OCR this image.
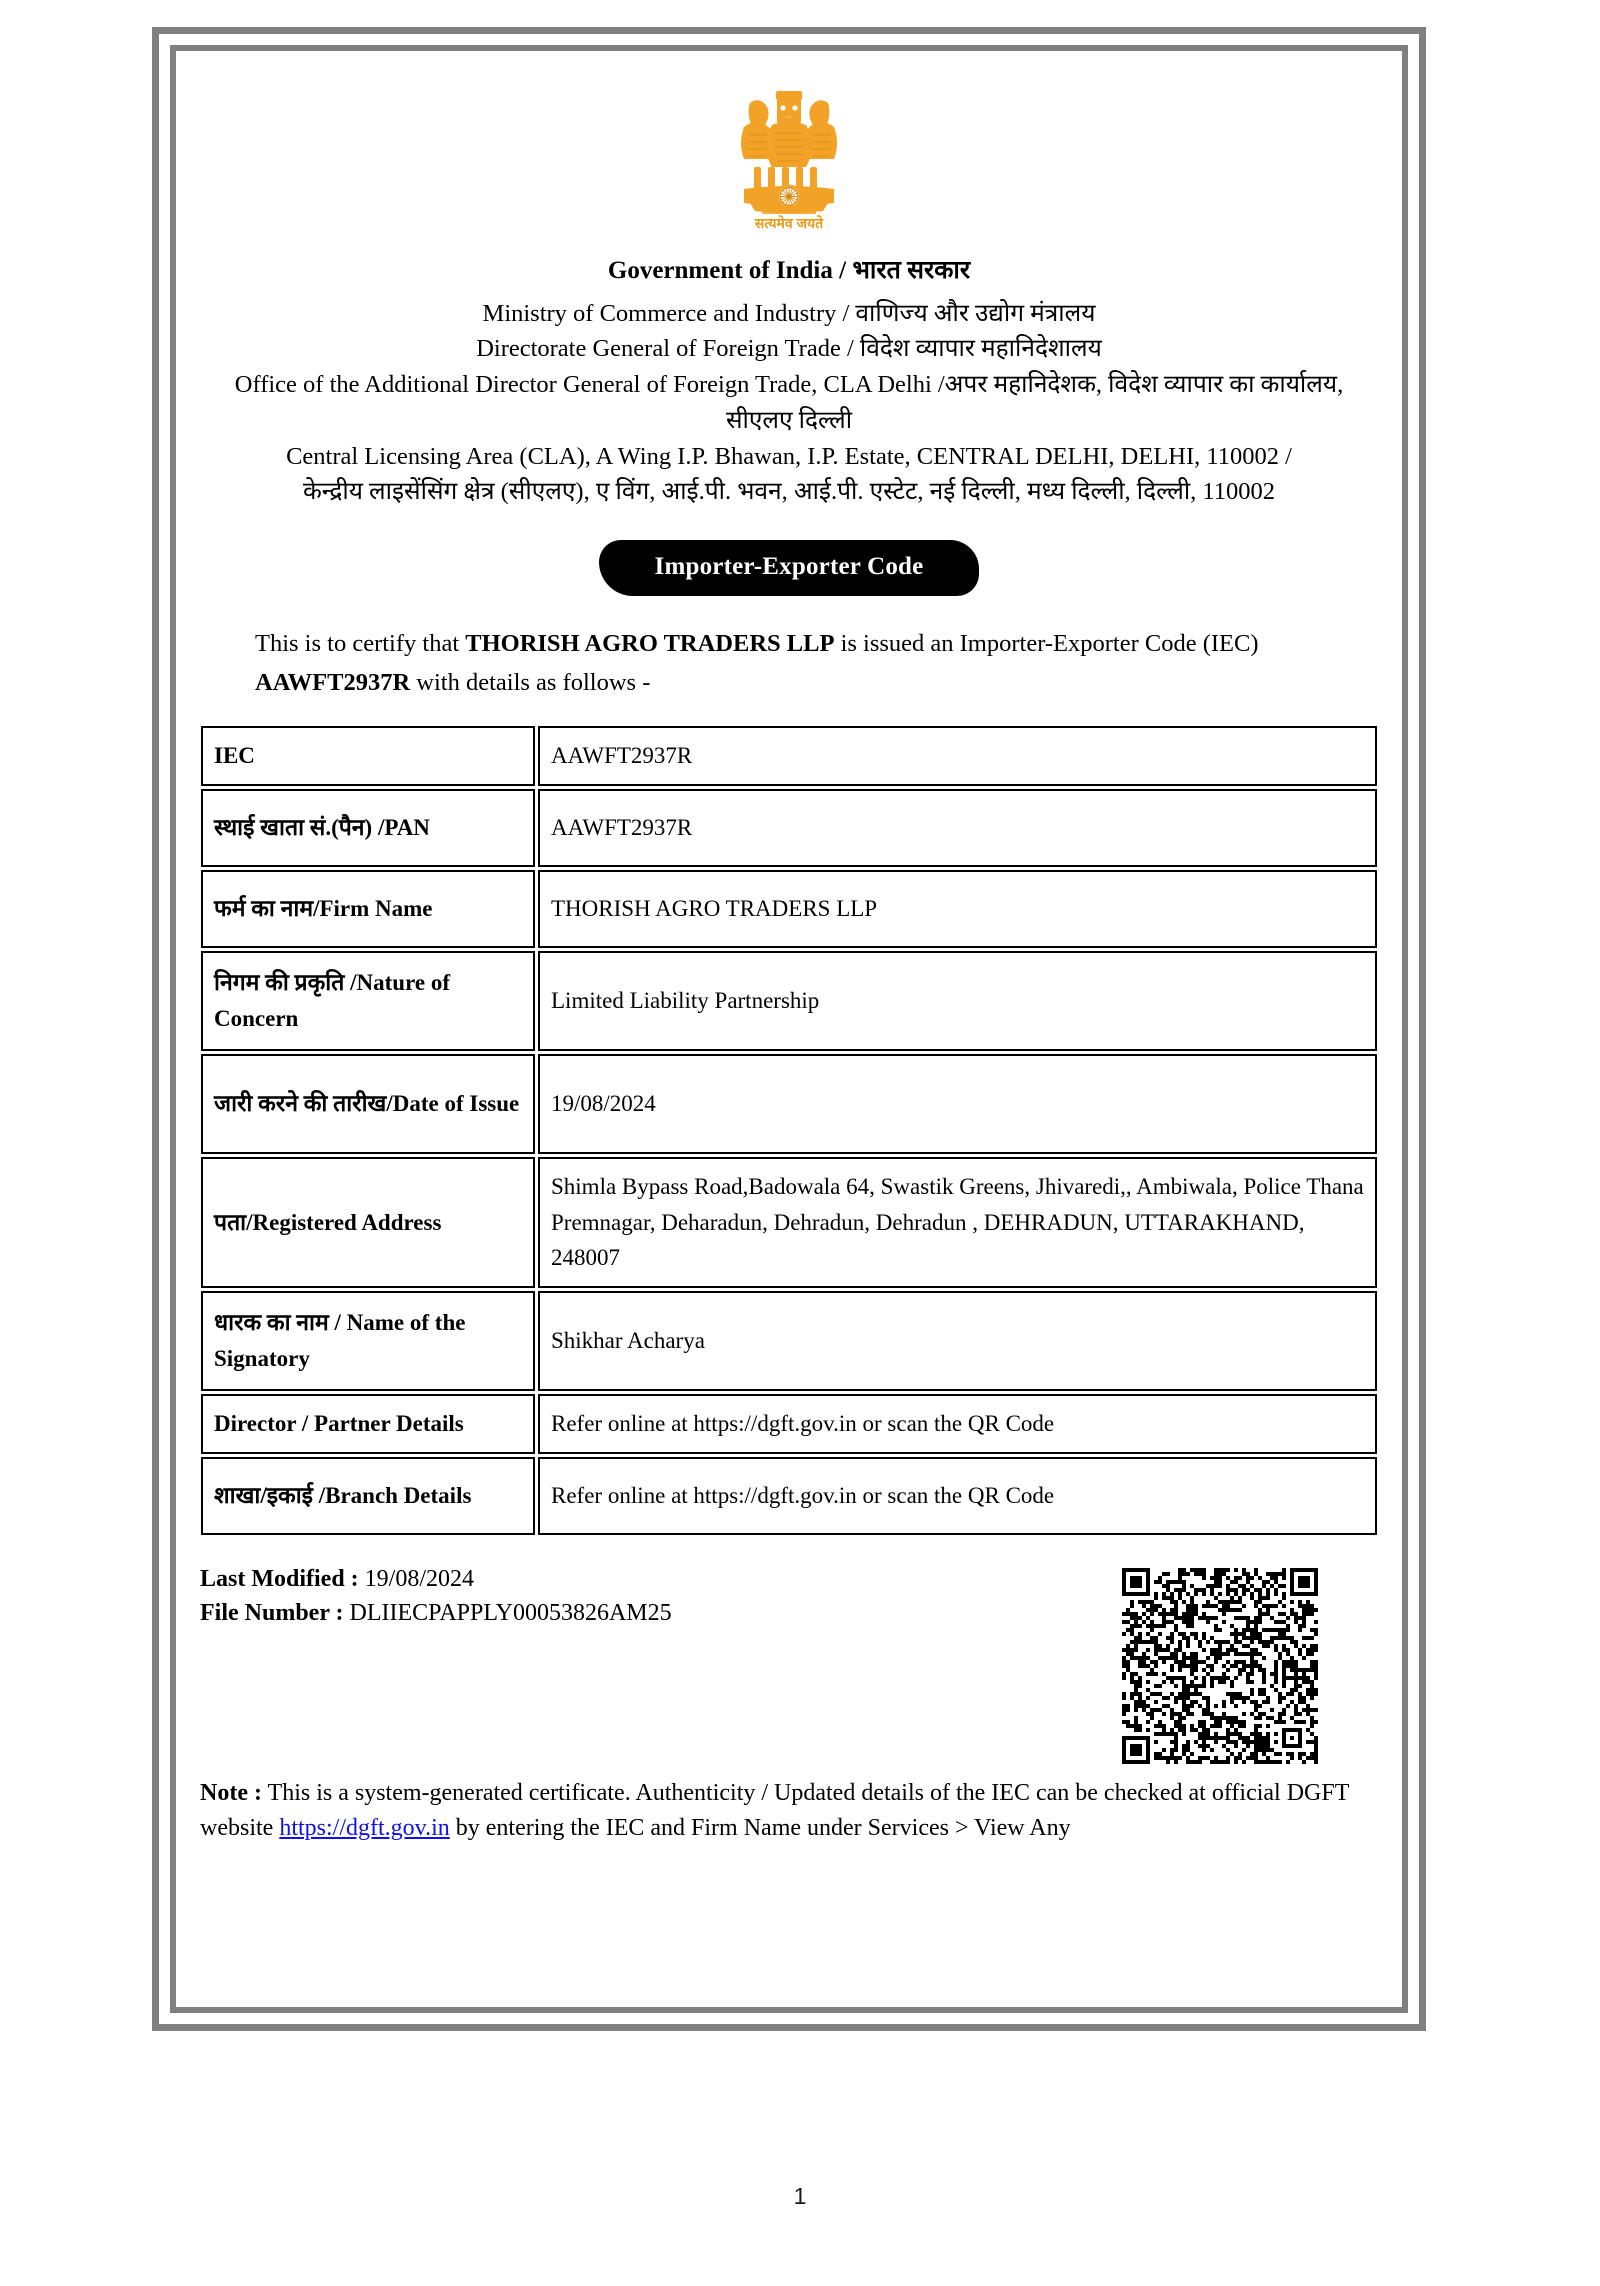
सत्यमेव जयते

Government of India / भारत सरकार

Ministry of Commerce and Industry / वाणिज्य और उद्योग मंत्रालय

Directorate General of Foreign Trade / विदेश व्यापार महानिदेशालय

Office of the Additional Director General of Foreign Trade, CLA Delhi /अपर महानिदेशक, विदेश व्यापार का कार्यालय, सीएलए दिल्ली

Central Licensing Area (CLA), A Wing I.P. Bhawan, I.P. Estate, CENTRAL DELHI, DELHI, 110002 /

केन्द्रीय लाइसेंसिंग क्षेत्र (सीएलए), ए विंग, आई.पी. भवन, आई.पी. एस्टेट, नई दिल्ली, मध्य दिल्ली, दिल्ली, 110002

Importer-Exporter Code

This is to certify that THORISH AGRO TRADERS LLP is issued an Importer-Exporter Code (IEC) AAWFT2937R with details as follows -

IEC	AAWFT2937R
स्थाई खाता सं.(पैन) /PAN	AAWFT2937R
फर्म का नाम/Firm Name	THORISH AGRO TRADERS LLP
निगम की प्रकृति /Nature of Concern	Limited Liability Partnership
जारी करने की तारीख/Date of Issue	19/08/2024
पता/Registered Address	Shimla Bypass Road,Badowala 64, Swastik Greens, Jhivaredi,, Ambiwala, Police Thana Premnagar, Deharadun, Dehradun, Dehradun , DEHRADUN, UTTARAKHAND, 248007
धारक का नाम / Name of the Signatory	Shikhar Acharya
Director / Partner Details	Refer online at https://dgft.gov.in or scan the QR Code
शाखा/इकाई /Branch Details	Refer online at https://dgft.gov.in or scan the QR Code
Last Modified : 19/08/2024
File Number : DLIIECPAPPLY00053826AM25

Note : This is a system-generated certificate. Authenticity / Updated details of the IEC can be checked at official DGFT website https://dgft.gov.in by entering the IEC and Firm Name under Services > View Any

1
